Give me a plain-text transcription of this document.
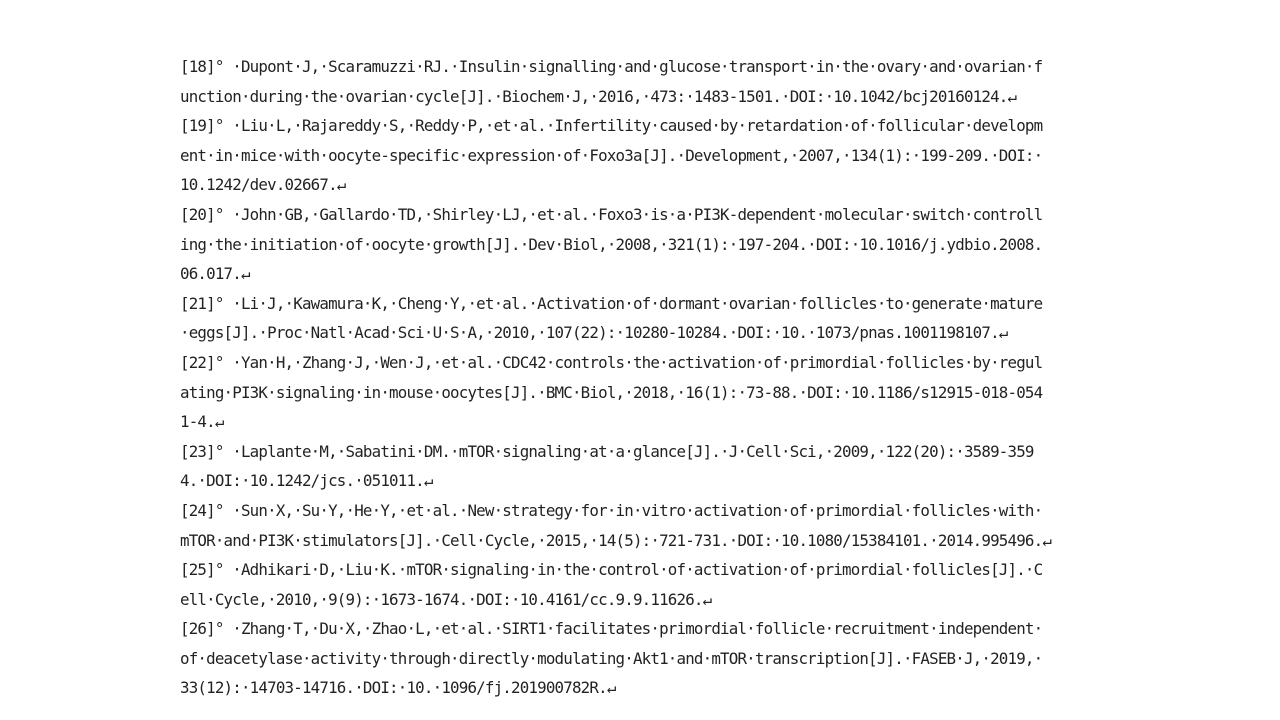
[18]° ·Dupont·J,·Scaramuzzi·RJ.·Insulin·signalling·and·glucose·transport·in·the·ovary·and·ovarian·f
unction·during·the·ovarian·cycle[J].·Biochem·J,·2016,·473:·1483-1501.·DOI:·10.1042/bcj20160124.↵
[19]° ·Liu·L,·Rajareddy·S,·Reddy·P,·et·al.·Infertility·caused·by·retardation·of·follicular·developm
ent·in·mice·with·oocyte-specific·expression·of·Foxo3a[J].·Development,·2007,·134(1):·199-209.·DOI:·
10.1242/dev.02667.↵
[20]° ·John·GB,·Gallardo·TD,·Shirley·LJ,·et·al.·Foxo3·is·a·PI3K-dependent·molecular·switch·controll
ing·the·initiation·of·oocyte·growth[J].·Dev·Biol,·2008,·321(1):·197-204.·DOI:·10.1016/j.ydbio.2008.
06.017.↵
[21]° ·Li·J,·Kawamura·K,·Cheng·Y,·et·al.·Activation·of·dormant·ovarian·follicles·to·generate·mature
·eggs[J].·Proc·Natl·Acad·Sci·U·S·A,·2010,·107(22):·10280-10284.·DOI:·10.·1073/pnas.1001198107.↵
[22]° ·Yan·H,·Zhang·J,·Wen·J,·et·al.·CDC42·controls·the·activation·of·primordial·follicles·by·regul
ating·PI3K·signaling·in·mouse·oocytes[J].·BMC·Biol,·2018,·16(1):·73-88.·DOI:·10.1186/s12915-018-054
1-4.↵
[23]° ·Laplante·M,·Sabatini·DM.·mTOR·signaling·at·a·glance[J].·J·Cell·Sci,·2009,·122(20):·3589-359
4.·DOI:·10.1242/jcs.·051011.↵
[24]° ·Sun·X,·Su·Y,·He·Y,·et·al.·New·strategy·for·in·vitro·activation·of·primordial·follicles·with·
mTOR·and·PI3K·stimulators[J].·Cell·Cycle,·2015,·14(5):·721-731.·DOI:·10.1080/15384101.·2014.995496.↵
[25]° ·Adhikari·D,·Liu·K.·mTOR·signaling·in·the·control·of·activation·of·primordial·follicles[J].·C
ell·Cycle,·2010,·9(9):·1673-1674.·DOI:·10.4161/cc.9.9.11626.↵
[26]° ·Zhang·T,·Du·X,·Zhao·L,·et·al.·SIRT1·facilitates·primordial·follicle·recruitment·independent·
of·deacetylase·activity·through·directly·modulating·Akt1·and·mTOR·transcription[J].·FASEB·J,·2019,·
33(12):·14703-14716.·DOI:·10.·1096/fj.201900782R.↵
